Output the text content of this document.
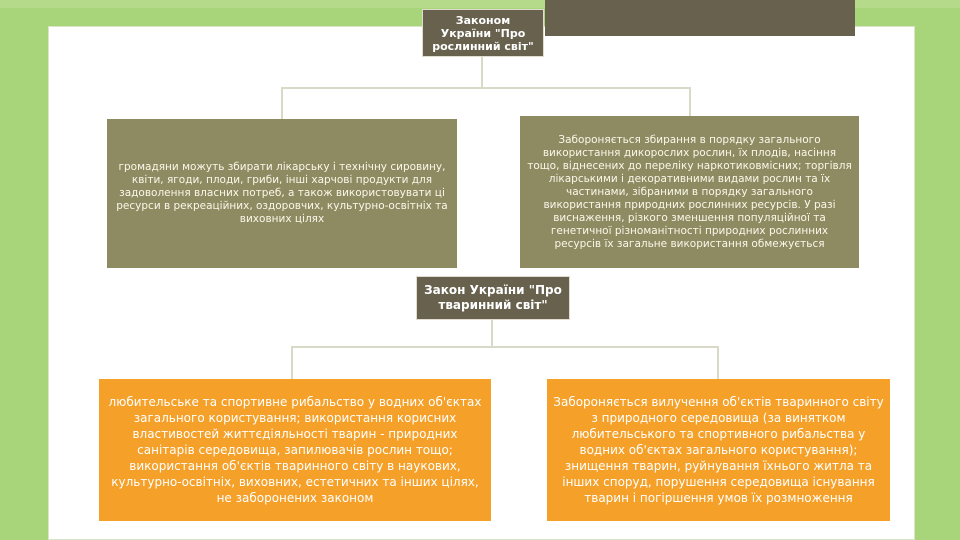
Законом України "Про рослинний світ"
громадяни можуть збирати лікарську і технічну сировину, квіти, ягоди, плоди, гриби, інші харчові продукти для задоволення власних потреб, а також використовувати ці ресурси в рекреаційних, оздоровчих, культурно-освітніх та виховних цілях
Забороняється збирання в порядку загального використання дикорослих рослин, їх плодів, насіння тощо, віднесених до переліку наркотиковмісних; торгівля лікарськими і декоративними видами рослин та їх частинами, зібраними в порядку загального використання природних рослинних ресурсів. У разі виснаження, різкого зменшення популяційної та генетичної різноманітності природних рослинних ресурсів їх загальне використання обмежується
Закон України "Про тваринний світ"
любительське та спортивне рибальство у водних об'єктах загального користування; використання корисних властивостей життєдіяльності тварин - природних санітарів середовища, запилювачів рослин тощо; використання об'єктів тваринного світу в наукових, культурно-освітніх, виховних, естетичних та інших цілях, не заборонених законом
Забороняється вилучення об'єктів тваринного світу з природного середовища (за винятком любительського та спортивного рибальства у водних об'єктах загального користування); знищення тварин, руйнування їхнього житла та інших споруд, порушення середовища існування тварин і погіршення умов їх розмноження
